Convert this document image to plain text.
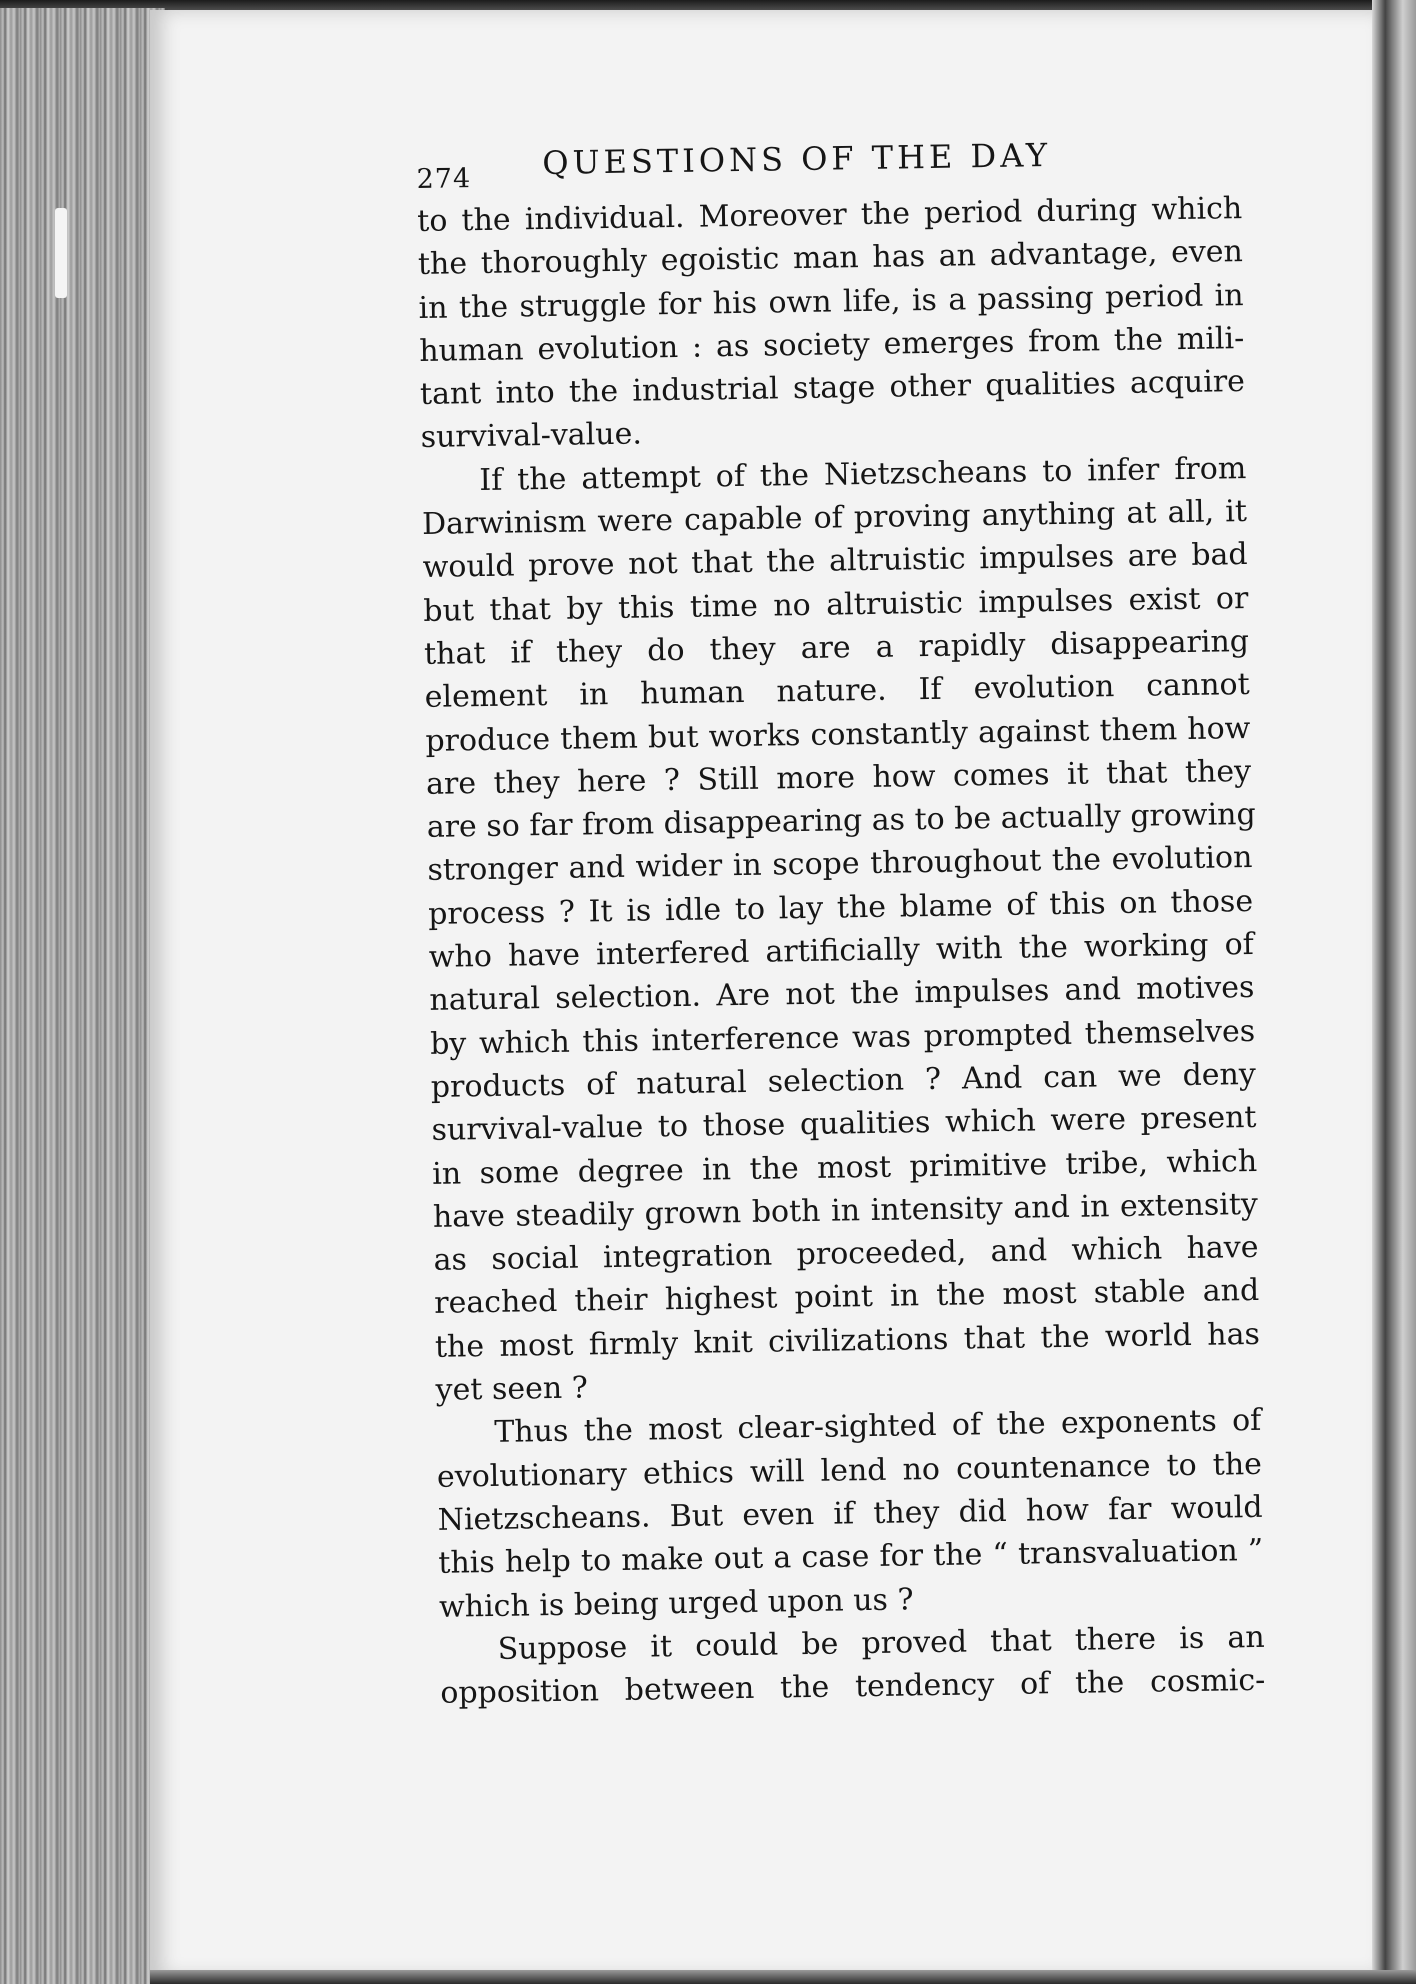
274 QUESTIONS OF THE DAY
to the individual. Moreover the period during which
the thoroughly egoistic man has an advantage, even
in the struggle for his own life, is a passing period in
human evolution : as society emerges from the mili-
tant into the industrial stage other qualities acquire
survival-value.
If the attempt of the Nietzscheans to infer from
Darwinism were capable of proving anything at all, it
would prove not that the altruistic impulses are bad
but that by this time no altruistic impulses exist or
that if they do they are a rapidly disappearing
element in human nature. If evolution cannot
produce them but works constantly against them how
are they here ? Still more how comes it that they
are so far from disappearing as to be actually growing
stronger and wider in scope throughout the evolution
process ? It is idle to lay the blame of this on those
who have interfered artificially with the working of
natural selection. Are not the impulses and motives
by which this interference was prompted themselves
products of natural selection ? And can we deny
survival-value to those qualities which were present
in some degree in the most primitive tribe, which
have steadily grown both in intensity and in extensity
as social integration proceeded, and which have
reached their highest point in the most stable and
the most firmly knit civilizations that the world has
yet seen ?
Thus the most clear-sighted of the exponents of
evolutionary ethics will lend no countenance to the
Nietzscheans. But even if they did how far would
this help to make out a case for the “ transvaluation ”
which is being urged upon us ?
Suppose it could be proved that there is an
opposition between the tendency of the cosmic-
